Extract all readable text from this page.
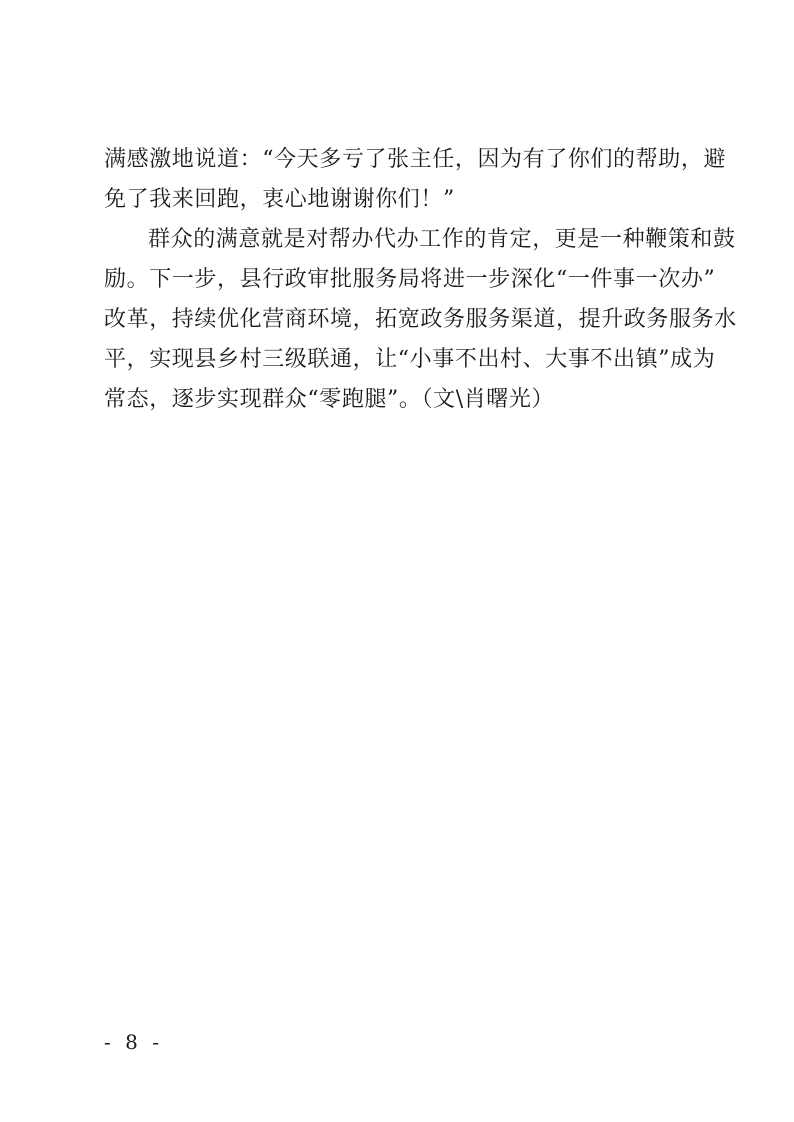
满感激地说道：“今天多亏了张主任，因为有了你们的帮助，避
免了我来回跑，衷心地谢谢你们！”

群众的满意就是对帮办代办工作的肯定，更是一种鞭策和鼓
励。下一步，县行政审批服务局将进一步深化“一件事一次办”
改革，持续优化营商环境，拓宽政务服务渠道，提升政务服务水
平，实现县乡村三级联通，让“小事不出村、大事不出镇”成为
常态，逐步实现群众“零跑腿”。（文\肖曙光）

- 8 -
